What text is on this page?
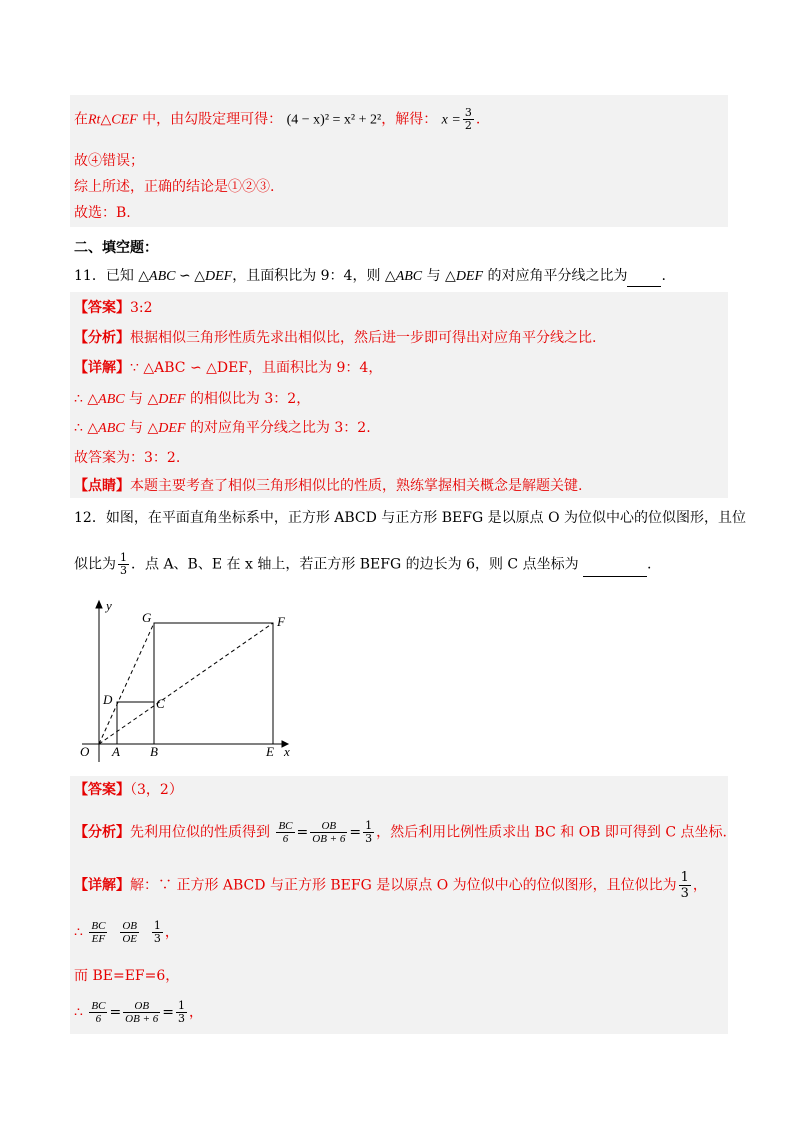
在Rt△CEF 中，由勾股定理可得： (4 − x)² = x² + 2²，解得： $x = \frac{3}{2}$ .
故④错误；
综上所述，正确的结论是①②③.
故选：B.
二、填空题：
11．已知 △ABC ∽ △DEF，且面积比为 9：4，则 △ABC 与 △DEF 的对应角平分线之比为 .
【答案】3:2
【分析】根据相似三角形性质先求出相似比，然后进一步即可得出对应角平分线之比.
【详解】∵ △ABC ∽ △DEF，且面积比为 9：4，
∴ △ABC 与 △DEF 的相似比为 3：2，
∴ △ABC 与 △DEF 的对应角平分线之比为 3：2.
故答案为：3：2.
【点睛】本题主要考查了相似三角形相似比的性质，熟练掌握相关概念是解题关键.
12．如图，在平面直角坐标系中，正方形 ABCD 与正方形 BEFG 是以原点 O 为位似中心的位似图形，且位
似比为 $\frac{1}{3}$ ．点 A、B、E 在 x 轴上，若正方形 BEFG 的边长为 6，则 C 点坐标为	.
y
x
O A B	E
D	C
G	F
【答案】（3，2）
【分析】先利用位似的性质得到 $\frac{BC}{6} = \frac{OB}{OB + 6} = \frac{1}{3}$ ，然后利用比例性质求出 BC 和 OB 即可得到 C 点坐标.
【详解】解：∵ 正方形 ABCD 与正方形 BEFG 是以原点 O 为位似中心的位似图形，且位似比为 $\frac{1}{3}$ ，
∴ $\frac{BC}{EF}$
$\frac{OB}{OE}$
$\frac{1}{3}$ ，
而 BE=EF=6，
∴ $\frac{BC}{6} = \frac{OB}{OB + 6} = \frac{1}{3}$ ，
